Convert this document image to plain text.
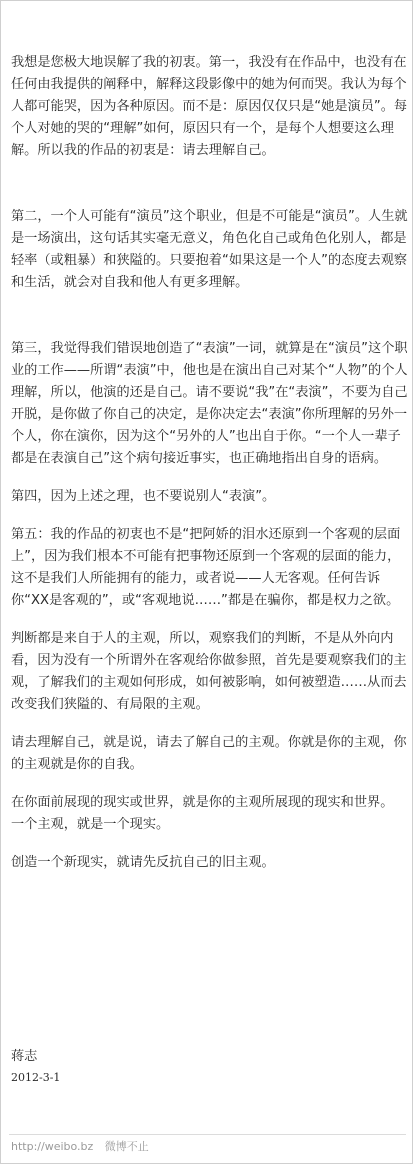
我想是您极大地误解了我的初衷。第一，我没有在作品中，也没有在任何由我提供的阐释中，解释这段影像中的她为何而哭。我认为每个人都可能哭，因为各种原因。而不是：原因仅仅只是“她是演员”。每个人对她的哭的“理解”如何，原因只有一个，是每个人想要这么理解。所以我的作品的初衷是：请去理解自己。

第二，一个人可能有“演员”这个职业，但是不可能是“演员”。人生就是一场演出，这句话其实毫无意义，角色化自己或角色化别人，都是轻率（或粗暴）和狭隘的。只要抱着“如果这是一个人”的态度去观察和生活，就会对自我和他人有更多理解。

第三，我觉得我们错误地创造了“表演”一词，就算是在“演员”这个职业的工作——所谓“表演”中，他也是在演出自己对某个“人物”的个人理解，所以，他演的还是自己。请不要说“我”在“表演”，不要为自己开脱，是你做了你自己的决定，是你决定去“表演”你所理解的另外一个人，你在演你，因为这个“另外的人”也出自于你。“一个人一辈子都是在表演自己”这个病句接近事实，也正确地指出自身的语病。

第四，因为上述之理，也不要说别人“表演”。

第五：我的作品的初衷也不是“把阿娇的泪水还原到一个客观的层面上”，因为我们根本不可能有把事物还原到一个客观的层面的能力，这不是我们人所能拥有的能力，或者说——人无客观。任何告诉你“XX是客观的”，或“客观地说……”都是在骗你，都是权力之欲。

判断都是来自于人的主观，所以，观察我们的判断，不是从外向内看，因为没有一个所谓外在客观给你做参照，首先是要观察我们的主观，了解我们的主观如何形成，如何被影响，如何被塑造……从而去改变我们狭隘的、有局限的主观。

请去理解自己，就是说，请去了解自己的主观。你就是你的主观，你的主观就是你的自我。

在你面前展现的现实或世界，就是你的主观所展现的现实和世界。
一个主观，就是一个现实。

创造一个新现实，就请先反抗自己的旧主观。

蒋志
2012-3-1
http://weibo.bz 微博不止
